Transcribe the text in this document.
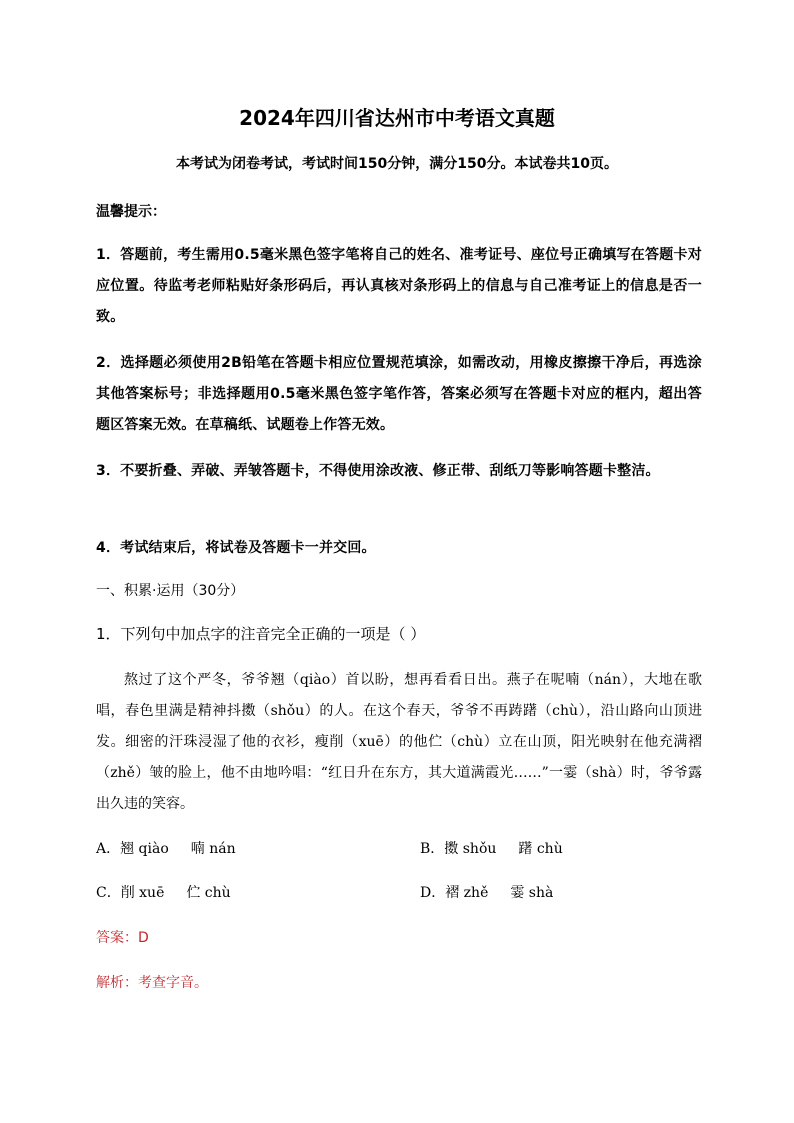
2024年四川省达州市中考语文真题
本考试为闭卷考试，考试时间150分钟，满分150分。本试卷共10页。
温馨提示：
1．答题前，考生需用0.5毫米黑色签字笔将自己的姓名、准考证号、座位号正确填写在答题卡对应位置。待监考老师粘贴好条形码后，再认真核对条形码上的信息与自己准考证上的信息是否一致。
2．选择题必须使用2B铅笔在答题卡相应位置规范填涂，如需改动，用橡皮擦擦干净后，再选涂其他答案标号；非选择题用0.5毫米黑色签字笔作答，答案必须写在答题卡对应的框内，超出答题区答案无效。在草稿纸、试题卷上作答无效。
3．不要折叠、弄破、弄皱答题卡，不得使用涂改液、修正带、刮纸刀等影响答题卡整洁。
4．考试结束后，将试卷及答题卡一并交回。
一、积累·运用（30分）
1．下列句中加点字的注音完全正确的一项是（ ）
熬过了这个严冬，爷爷翘（qiào）首以盼，想再看看日出。燕子在呢喃（nán），大地在歌唱，春色里满是精神抖擞（shǒu）的人。在这个春天，爷爷不再踌躇（chù），沿山路向山顶进发。细密的汗珠浸湿了他的衣衫，瘦削（xuē）的他伫（chù）立在山顶，阳光映射在他充满褶（zhě）皱的脸上，他不由地吟唱：“红日升在东方，其大道满霞光……”一霎（shà）时，爷爷露出久违的笑容。
A．翘 qiào 喃 nán	B．擞 shǒu 躇 chù
C．削 xuē 伫 chù	D．褶 zhě 霎 shà
答案：D
解析：考查字音。
